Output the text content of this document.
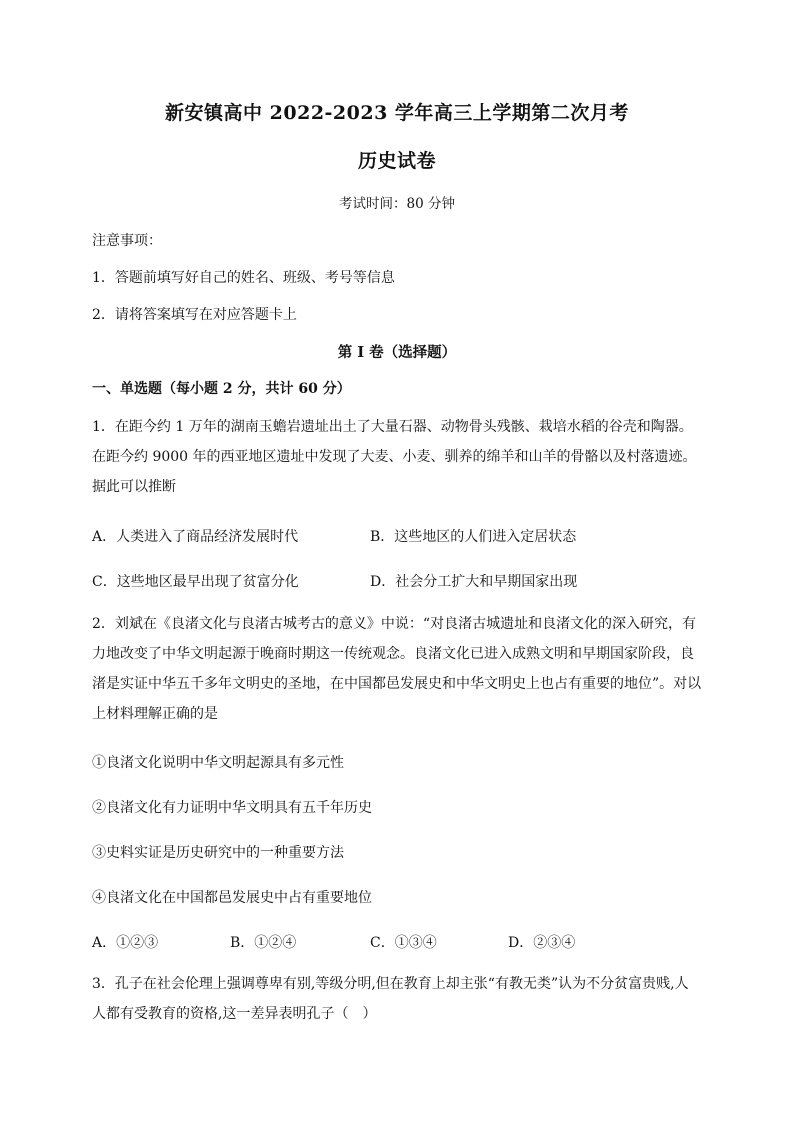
新安镇高中 2022-2023 学年高三上学期第二次月考
历史试卷
考试时间：80 分钟
注意事项：
1．答题前填写好自己的姓名、班级、考号等信息
2．请将答案填写在对应答题卡上
第 I 卷（选择题）
一、单选题（每小题 2 分，共计 60 分）
1．在距今约 1 万年的湖南玉蟾岩遗址出土了大量石器、动物骨头残骸、栽培水稻的谷壳和陶器。在距今约 9000 年的西亚地区遗址中发现了大麦、小麦、驯养的绵羊和山羊的骨骼以及村落遗迹。据此可以推断
A．人类进入了商品经济发展时代	B．这些地区的人们进入定居状态
C．这些地区最早出现了贫富分化	D．社会分工扩大和早期国家出现
2．刘斌在《良渚文化与良渚古城考古的意义》中说：“对良渚古城遗址和良渚文化的深入研究，有力地改变了中华文明起源于晚商时期这一传统观念。良渚文化已进入成熟文明和早期国家阶段，良渚是实证中华五千多年文明史的圣地，在中国都邑发展史和中华文明史上也占有重要的地位”。对以上材料理解正确的是
①良渚文化说明中华文明起源具有多元性
②良渚文化有力证明中华文明具有五千年历史
③史料实证是历史研究中的一种重要方法
④良渚文化在中国都邑发展史中占有重要地位
A．①②③	B．①②④	C．①③④	D．②③④
3．孔子在社会伦理上强调尊卑有别,等级分明,但在教育上却主张“有教无类”认为不分贫富贵贱,人人都有受教育的资格,这一差异表明孔子（　）
